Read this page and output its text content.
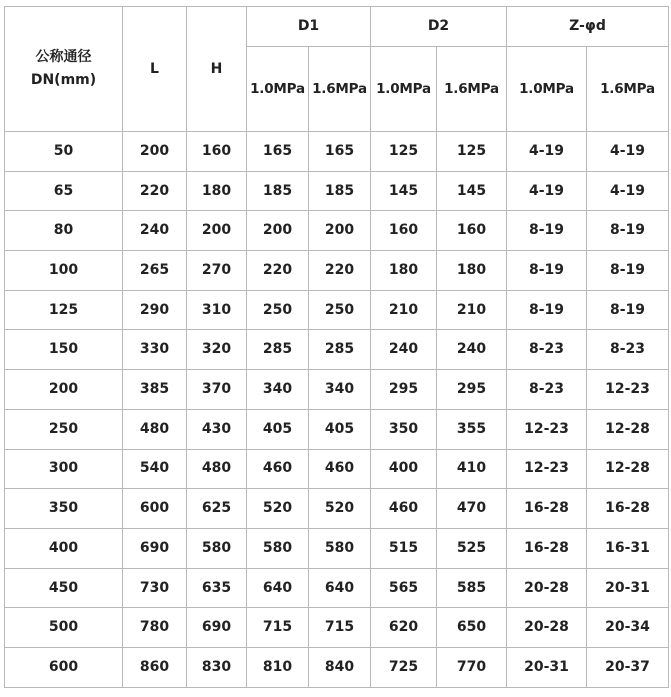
公称通径
DN(mm)	L	H	D1		D2		Z-φd	
			1.0MPa	1.6MPa	1.0MPa	1.6MPa	1.0MPa	1.6MPa
50	200	160	165	165	125	125	4-19	4-19
65	220	180	185	185	145	145	4-19	4-19
80	240	200	200	200	160	160	8-19	8-19
100	265	270	220	220	180	180	8-19	8-19
125	290	310	250	250	210	210	8-19	8-19
150	330	320	285	285	240	240	8-23	8-23
200	385	370	340	340	295	295	8-23	12-23
250	480	430	405	405	350	355	12-23	12-28
300	540	480	460	460	400	410	12-23	12-28
350	600	625	520	520	460	470	16-28	16-28
400	690	580	580	580	515	525	16-28	16-31
450	730	635	640	640	565	585	20-28	20-31
500	780	690	715	715	620	650	20-28	20-34
600	860	830	810	840	725	770	20-31	20-37
